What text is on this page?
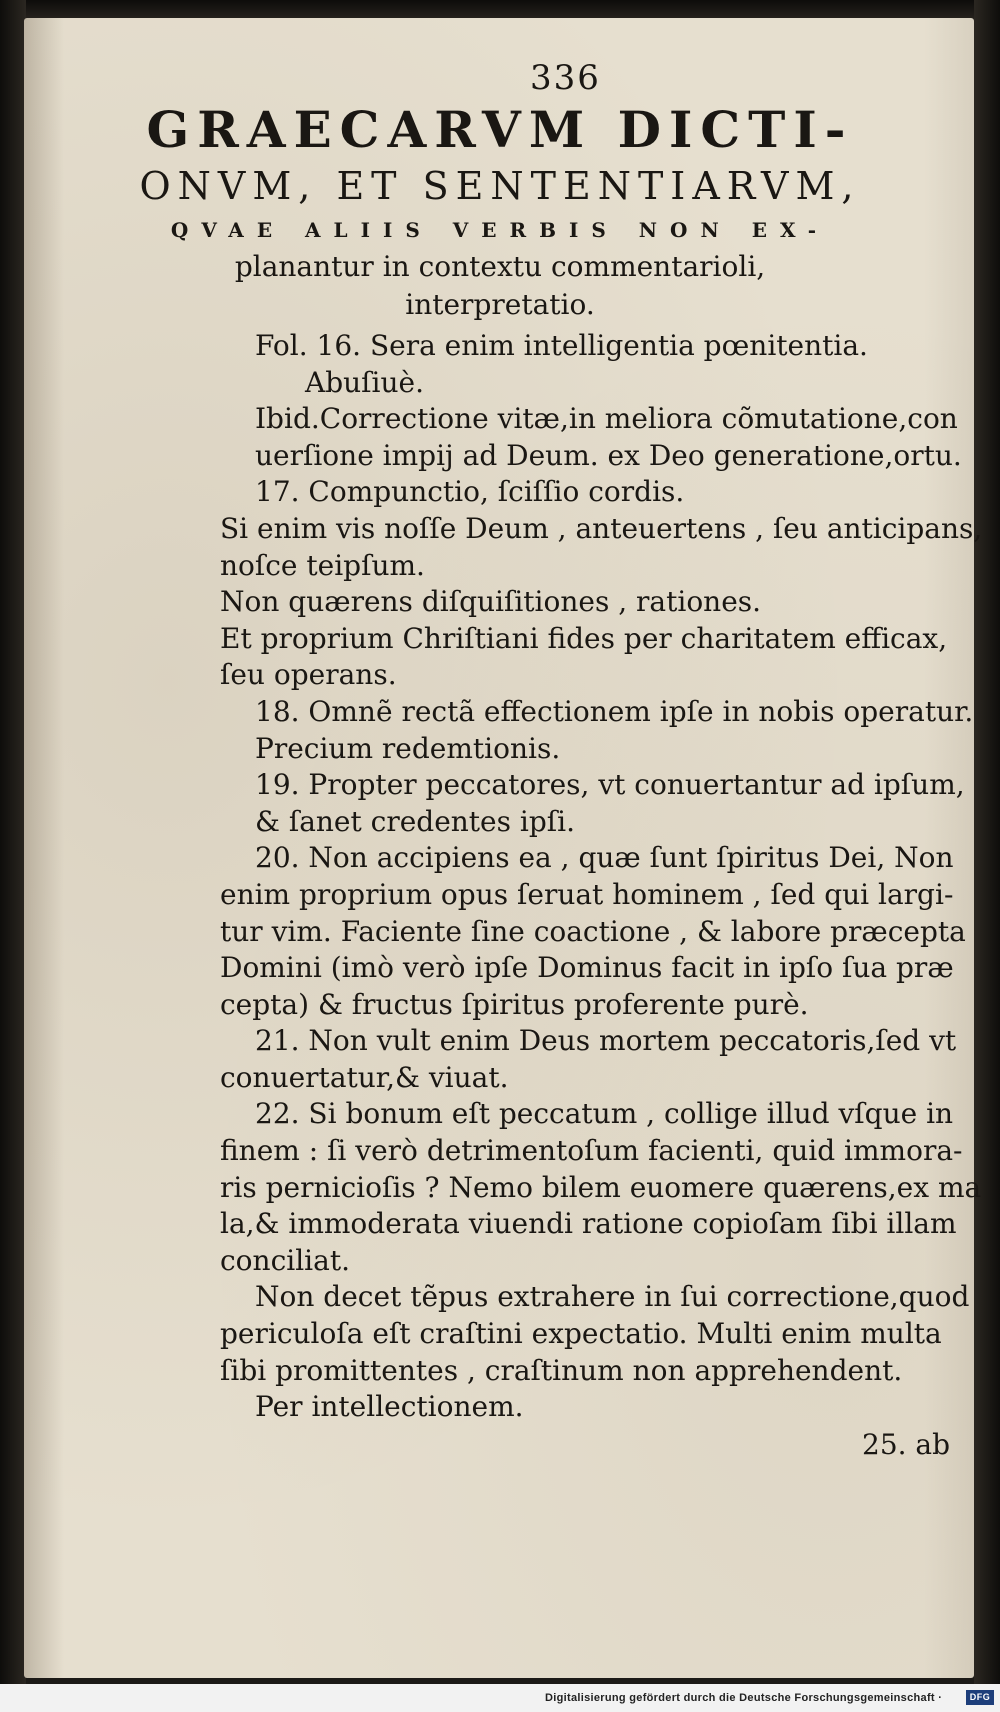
336
GRAECARVM DICTI-
ONVM, ET SENTENTIARVM,
QVAE ALIIS VERBIS NON EX-
planantur in contextu commentarioli,
interpretatio.
Fol. 16. Sera enim intelligentia pœnitentia.
Abuſiuè.
Ibid.Correctione vitæ,in meliora cõmutatione,con
uerſione impij ad Deum. ex Deo generatione,ortu.
17. Compunctio, ſciſſio cordis.
Si enim vis noſſe Deum , anteuertens , ſeu anticipans,
noſce teipſum.
Non quærens diſquiſitiones , rationes.
Et proprium Chriſtiani fides per charitatem efficax,
ſeu operans.
18. Omnẽ rectã effectionem ipſe in nobis operatur.
Precium redemtionis.
19. Propter peccatores, vt conuertantur ad ipſum,
& ſanet credentes ipſi.
20. Non accipiens ea , quæ ſunt ſpiritus Dei, Non
enim proprium opus ſeruat hominem , ſed qui largi-
tur vim. Faciente ſine coactione , & labore præcepta
Domini (imò verò ipſe Dominus facit in ipſo ſua præ
cepta) & fructus ſpiritus proferente purè.
21. Non vult enim Deus mortem peccatoris,ſed vt
conuertatur,& viuat.
22. Si bonum eſt peccatum , collige illud vſque in
finem : ſi verò detrimentoſum facienti, quid immora-
ris pernicioſis ? Nemo bilem euomere quærens,ex ma
la,& immoderata viuendi ratione copioſam ſibi illam
conciliat.
Non decet tẽpus extrahere in ſui correctione,quod
periculoſa eſt craſtini expectatio. Multi enim multa
ſibi promittentes , craſtinum non apprehendent.
Per intellectionem.
25. ab
Digitalisierung gefördert durch die Deutsche Forschungsgemeinschaft ·	DFG
